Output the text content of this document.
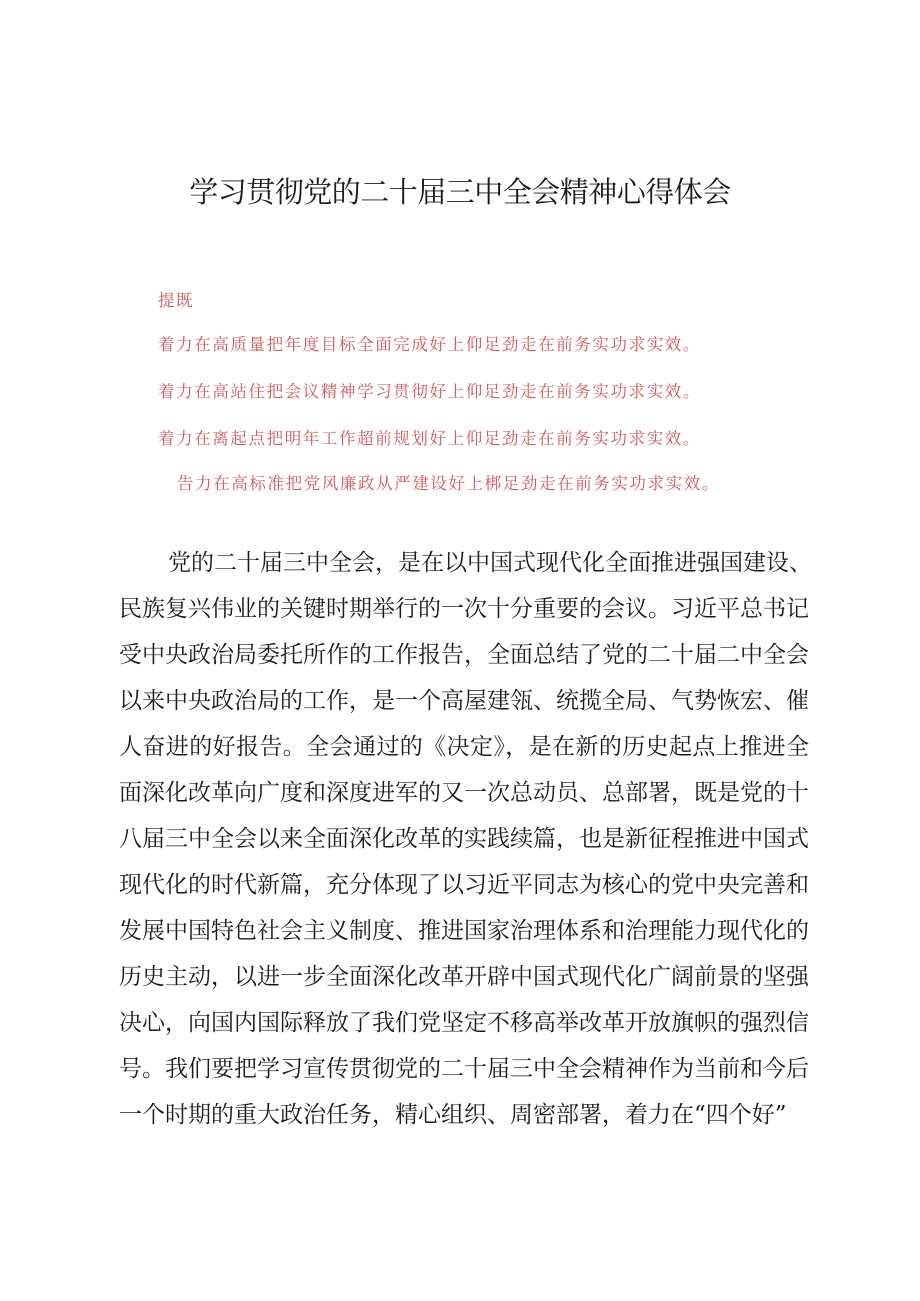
学习贯彻党的二十届三中全会精神心得体会
提既
着力在高质量把年度目标全面完成好上仰足劲走在前务实功求实效。
着力在高站住把会议精神学习贯彻好上仰足劲走在前务实功求实效。
着力在离起点把明年工作超前规划好上仰足劲走在前务实功求实效。
告力在高标准把党风廉政从严建设好上梆足劲走在前务实功求实效。
党的二十届三中全会，是在以中国式现代化全面推进强国建设、
民族复兴伟业的关键时期举行的一次十分重要的会议。习近平总书记
受中央政治局委托所作的工作报告，全面总结了党的二十届二中全会
以来中央政治局的工作，是一个高屋建瓴、统揽全局、气势恢宏、催
人奋进的好报告。全会通过的《决定》，是在新的历史起点上推进全
面深化改革向广度和深度进军的又一次总动员、总部署，既是党的十
八届三中全会以来全面深化改革的实践续篇，也是新征程推进中国式
现代化的时代新篇，充分体现了以习近平同志为核心的党中央完善和
发展中国特色社会主义制度、推进国家治理体系和治理能力现代化的
历史主动，以进一步全面深化改革开辟中国式现代化广阔前景的坚强
决心，向国内国际释放了我们党坚定不移高举改革开放旗帜的强烈信
号。我们要把学习宣传贯彻党的二十届三中全会精神作为当前和今后
一个时期的重大政治任务，精心组织、周密部署，着力在“四个好”
